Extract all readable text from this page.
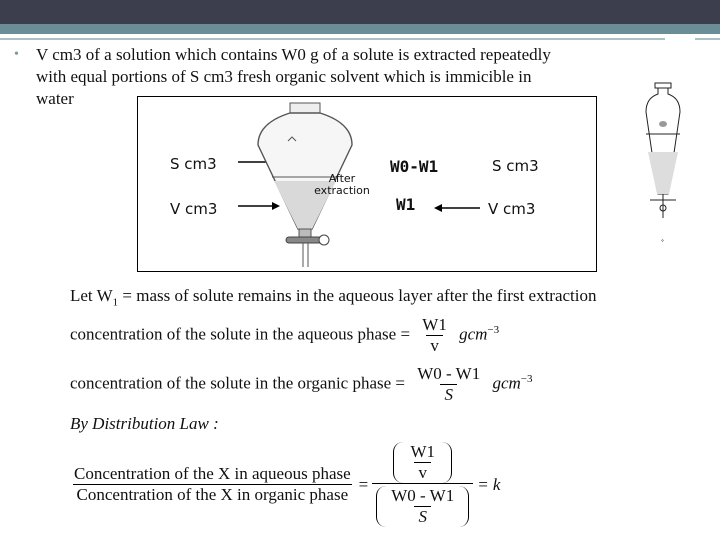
• V cm3 of a solution which contains W0 g of a solute is extracted repeatedly
with equal portions of S cm3 fresh organic solvent which is immicible in
water
°
S cm3
V cm3
After
extraction
W0-W1
W1
S cm3
V cm3
Let $W_1$ = mass of solute remains in the aqueous layer after the first extraction
concentration of the solute in the aqueous phase = $\frac{W1}{v} gcm^{-3}$
concentration of the solute in the organic phase = $\frac{W0 - W1}{S} gcm^{-3}$
By Distribution Law :
$\frac{\text{Concentration of the X in aqueous phase}}{\text{Concentration of the X in organic phase}} = \frac{\frac{W1}{v}}{\frac{W0 - W1}{S}} = k$
